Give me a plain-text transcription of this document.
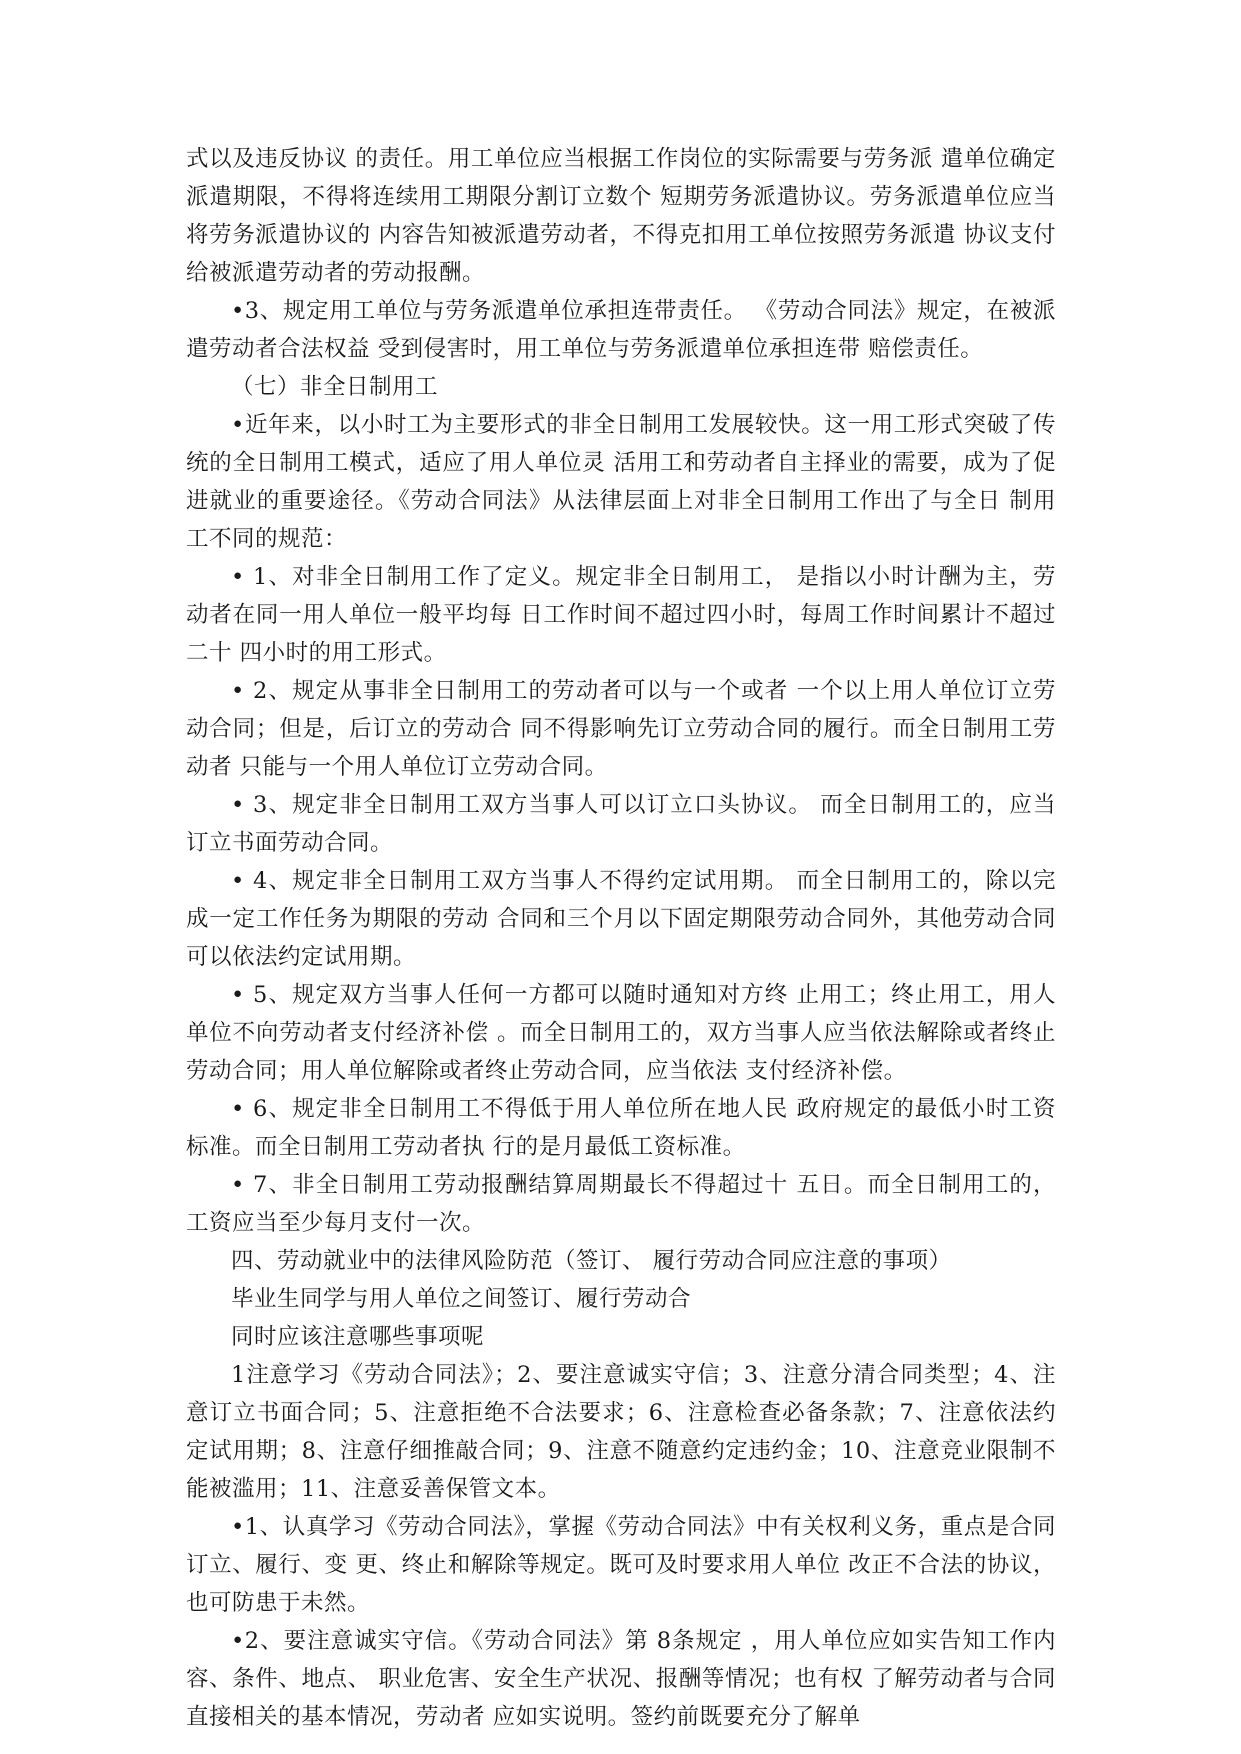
式以及违反协议 的责任。用工单位应当根据工作岗位的实际需要与劳务派 遣单位确定派遣期限，不得将连续用工期限分割订立数个 短期劳务派遣协议。劳务派遣单位应当将劳务派遣协议的 内容告知被派遣劳动者，不得克扣用工单位按照劳务派遣 协议支付给被派遣劳动者的劳动报酬。

•3、规定用工单位与劳务派遣单位承担连带责任。 《劳动合同法》规定，在被派遣劳动者合法权益 受到侵害时，用工单位与劳务派遣单位承担连带 赔偿责任。

（七）非全日制用工

•近年来，以小时工为主要形式的非全日制用工发展较快。这一用工形式突破了传 统的全日制用工模式，适应了用人单位灵 活用工和劳动者自主择业的需要，成为了促进就业的重要途径。《劳动合同法》从法律层面上对非全日制用工作出了与全日 制用工不同的规范：

• 1、对非全日制用工作了定义。规定非全日制用工， 是指以小时计酬为主，劳动者在同一用人单位一般平均每 日工作时间不超过四小时，每周工作时间累计不超过二十 四小时的用工形式。

• 2、规定从事非全日制用工的劳动者可以与一个或者 一个以上用人单位订立劳动合同；但是，后订立的劳动合 同不得影响先订立劳动合同的履行。而全日制用工劳动者 只能与一个用人单位订立劳动合同。

• 3、规定非全日制用工双方当事人可以订立口头协议。 而全日制用工的，应当订立书面劳动合同。

• 4、规定非全日制用工双方当事人不得约定试用期。 而全日制用工的，除以完成一定工作任务为期限的劳动 合同和三个月以下固定期限劳动合同外，其他劳动合同 可以依法约定试用期。

• 5、规定双方当事人任何一方都可以随时通知对方终 止用工；终止用工，用人单位不向劳动者支付经济补偿 。而全日制用工的，双方当事人应当依法解除或者终止 劳动合同；用人单位解除或者终止劳动合同，应当依法 支付经济补偿。

• 6、规定非全日制用工不得低于用人单位所在地人民 政府规定的最低小时工资标准。而全日制用工劳动者执 行的是月最低工资标准。

• 7、非全日制用工劳动报酬结算周期最长不得超过十 五日。而全日制用工的，工资应当至少每月支付一次。

四、劳动就业中的法律风险防范（签订、 履行劳动合同应注意的事项）

毕业生同学与用人单位之间签订、履行劳动合

同时应该注意哪些事项呢

1注意学习《劳动合同法》；2、要注意诚实守信；3、注意分清合同类型；4、注意订立书面合同；5、注意拒绝不合法要求；6、注意检查必备条款；7、注意依法约定试用期；8、注意仔细推敲合同；9、注意不随意约定违约金；10、注意竞业限制不能被滥用；11、注意妥善保管文本。

•1、认真学习《劳动合同法》，掌握《劳动合同法》中有关权利义务，重点是合同订立、履行、变 更、终止和解除等规定。既可及时要求用人单位 改正不合法的协议，也可防患于未然。

•2、要注意诚实守信。《劳动合同法》第 8条规定 ，用人单位应如实告知工作内容、条件、地点、 职业危害、安全生产状况、报酬等情况；也有权 了解劳动者与合同直接相关的基本情况，劳动者 应如实说明。签约前既要充分了解单
